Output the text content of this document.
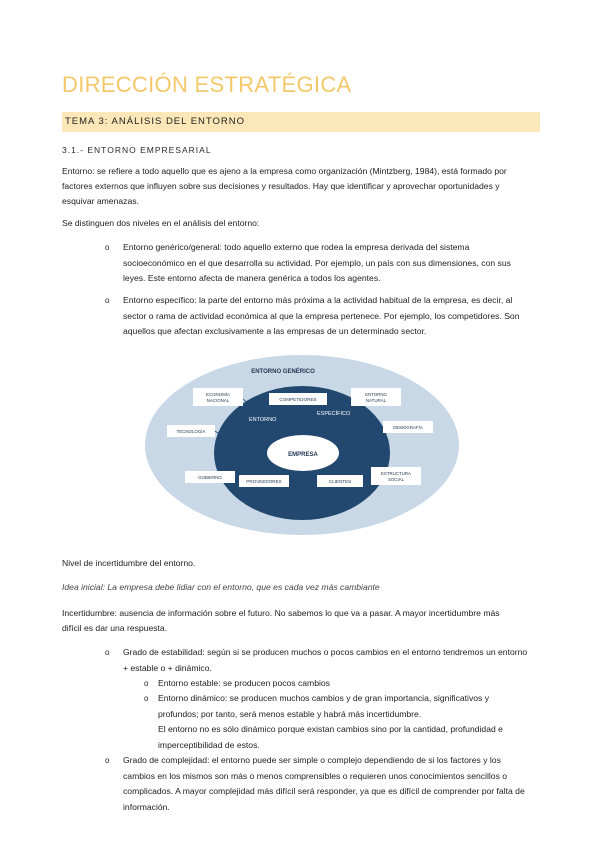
DIRECCIÓN ESTRATÉGICA
TEMA 3: ANÁLISIS DEL ENTORNO
3.1.- ENTORNO EMPRESARIAL
Entorno: se refiere a todo aquello que es ajeno a la empresa como organización (Mintzberg, 1984), está formado por
factores externos que influyen sobre sus decisiones y resultados. Hay que identificar y aprovechar oportunidades y
esquivar amenazas.
Se distinguen dos niveles en el análisis del entorno:
o Entorno genérico/general: todo aquello externo que rodea la empresa derivada del sistema
socioeconómico en el que desarrolla su actividad. Por ejemplo, un país con sus dimensiones, con sus
leyes. Este entorno afecta de manera genérica a todos los agentes.
o Entorno específico: la parte del entorno más próxima a la actividad habitual de la empresa, es decir, al
sector o rama de actividad económica al que la empresa pertenece. Por ejemplo, los competidores. Son
aquellos que afectan exclusivamente a las empresas de un determinado sector.
ENTORNO GENÉRICO
EMPRESA
ENTORNO
ESPECÍFICO
COMPETIDORES
PROVEEDORES	CLIENTES
ECONOMÍA
NACIONAL
TECNOLOGÍA
GOBIERNO
ENTORNO
NATURAL
DEMOGRAFÍA
ESTRUCTURA
SOCIAL
Nivel de incertidumbre del entorno.
Idea inicial: La empresa debe lidiar con el entorno, que es cada vez más cambiante
Incertidumbre: ausencia de información sobre el futuro. No sabemos lo que va a pasar. A mayor incertidumbre más
difícil es dar una respuesta.
o Grado de estabilidad: según si se producen muchos o pocos cambios en el entorno tendremos un entorno
+ estable o + dinámico.
o Entorno estable: se producen pocos cambios
o Entorno dinámico: se producen muchos cambios y de gran importancia, significativos y
profundos; por tanto, será menos estable y habrá más incertidumbre.
El entorno no es sólo dinámico porque existan cambios sino por la cantidad, profundidad e
imperceptibilidad de estos.
o Grado de complejidad: el entorno puede ser simple o complejo dependiendo de si los factores y los
cambios en los mismos son más o menos comprensibles o requieren unos conocimientos sencillos o
complicados. A mayor complejidad más difícil será responder, ya que es difícil de comprender por falta de
información.
